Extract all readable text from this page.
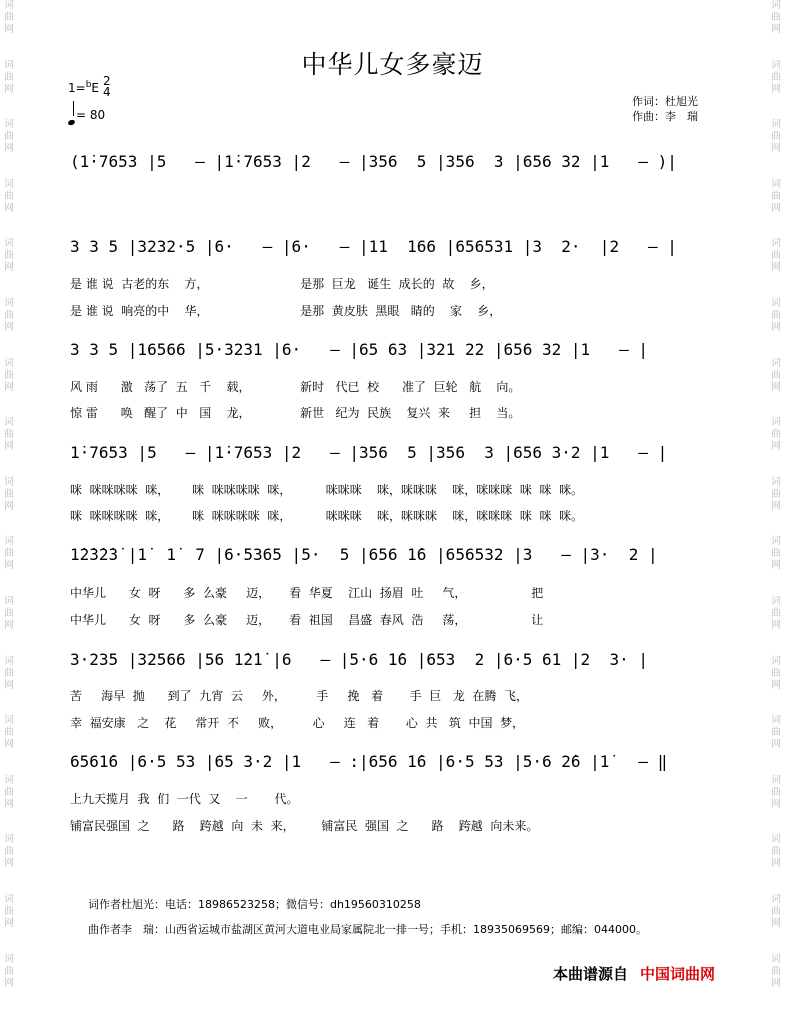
词
曲
网
词
曲
网
词
曲
网
词
曲
网
词
曲
网
词
曲
网
词
曲
网
词
曲
网
词
曲
网
词
曲
网
词
曲
网
词
曲
网
词
曲
网
词
曲
网
词
曲
网
词
曲
网
词
曲
网
词
曲
网
词
曲
网
词
曲
网
词
曲
网
词
曲
网
词
曲
网
词
曲
网
词
曲
网
词
曲
网
词
曲
网
词
曲
网
词
曲
网
词
曲
网
词
曲
网
词
曲
网
词
曲
网
词
曲
网
中华儿女多豪迈
1=$^b$E 2
4
= 80
作词：杜旭光
作曲：李　瑞
(1̇·7653 |5   – |1̇·7653 |2   – |356  5 |356  3 |656 32 |1   – )|
3 3 5 |3232·5 |6·   – |6·   – |11  166 |656531 |3  2·  |2   – |
3 3 5 |16566 |5·3231 |6·   – |65 63 |321 22 |656 32 |1   – |
1̇·7653 |5   – |1̇·7653 |2   – |356  5 |356  3 |656 3·2 |1   – |
1̇2̇3̇2̇3̇ |1̇  1̇  7 |6·5365 |5·  5 |656 1̇6 |656532 |3   – |3·  2 |
3·235 |32566 |56 1̇2̇1̇ |6   – |5·6 1̇6 |653  2 |6·5 61 |2  3· |
6561̇6 |6·5 53 |65 3·2 |1   – :|656 1̇6 |6·5 53 |5·6 2̇6 |1̇   – ‖
是 谁 说  古老的东    方，                        是那  巨龙   诞生  成长的  故    乡，
是 谁 说  响亮的中    华，                        是那  黄皮肤  黑眼   睛的    家    乡，
风 雨      激   荡了  五   千    载，             新时   代已  校      准了  巨轮   航    向。
惊 雷      唤   醒了  中   国    龙，             新世   纪为  民族    复兴  来     担    当。
咪  咪咪咪咪  咪，      咪  咪咪咪咪  咪，         咪咪咪    咪，咪咪咪    咪，咪咪咪  咪  咪  咪。
咪  咪咪咪咪  咪，      咪  咪咪咪咪  咪，         咪咪咪    咪，咪咪咪    咪，咪咪咪  咪  咪  咪。
中华儿      女  呀      多  么豪     迈，     看  华夏    江山  扬眉  吐     气，                 把
中华儿      女  呀      多  么豪     迈，     看  祖国    昌盛  春风  浩     荡，                 让
苦     海早  抛      到了  九宵  云     外，        手     挽   着       手  巨   龙  在腾  飞，
幸  福安康   之    花     常开  不     败，        心     连   着       心  共   筑  中国  梦，
上九天揽月  我  们  一代  又    一       代。
铺富民强国  之      路    跨越  向  未  来，       铺富民  强国  之      路    跨越  向未来。
词作者杜旭光：电话：18986523258；微信号：dh19560310258
曲作者李　瑞：山西省运城市盐湖区黄河大道电业局家属院北一排一号；手机：18935069569；邮编：044000。
本曲谱源自 中国词曲网
